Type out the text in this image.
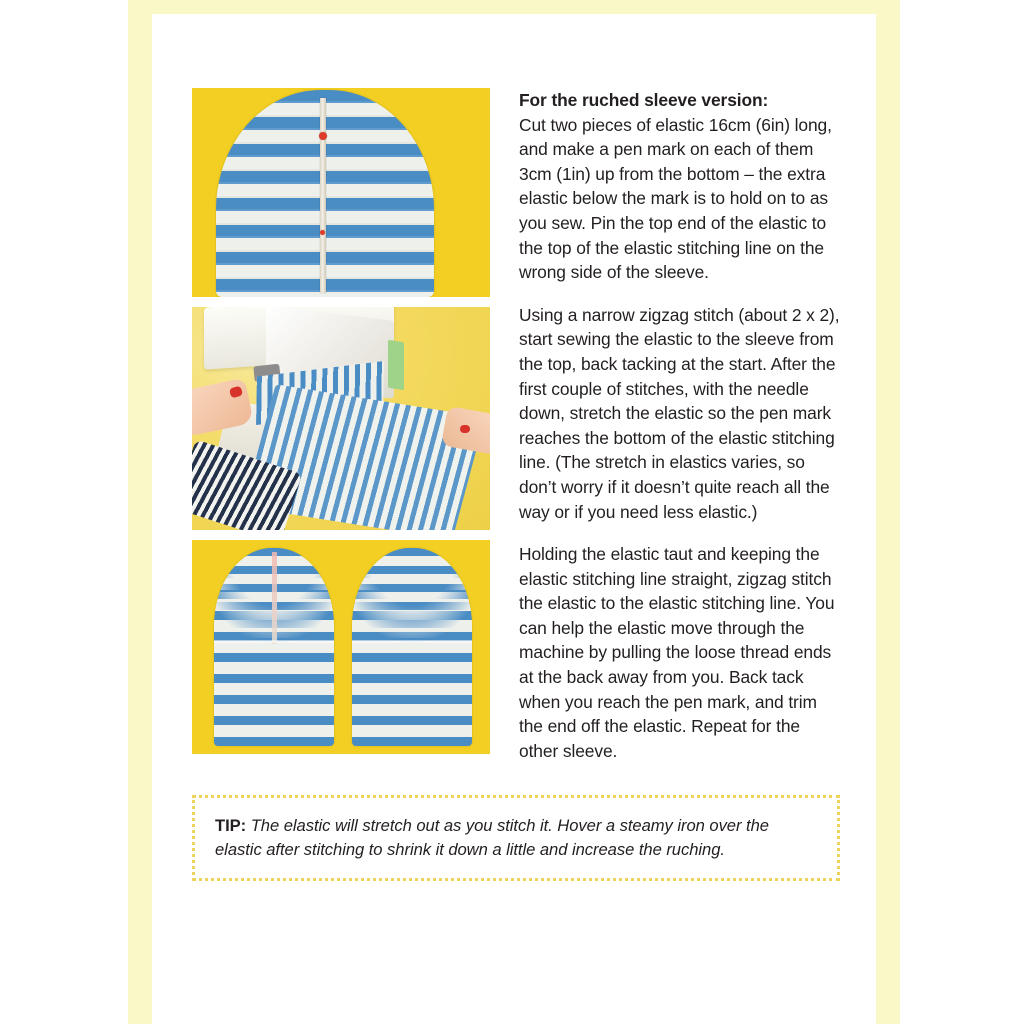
For the ruched sleeve version:
Cut two pieces of elastic 16cm (6in) long, and make a pen mark on each of them 3cm (1in) up from the bottom – the extra elastic below the mark is to hold on to as you sew. Pin the top end of the elastic to the top of the elastic stitching line on the wrong side of the sleeve.

Using a narrow zigzag stitch (about 2 x 2), start sewing the elastic to the sleeve from the top, back tacking at the start. After the first couple of stitches, with the needle down, stretch the elastic so the pen mark reaches the bottom of the elastic stitching line. (The stretch in elastics varies, so don’t worry if it doesn’t quite reach all the way or if you need less elastic.)

Holding the elastic taut and keeping the elastic stitching line straight, zigzag stitch the elastic to the elastic stitching line. You can help the elastic move through the machine by pulling the loose thread ends at the back away from you. Back tack when you reach the pen mark, and trim the end off the elastic. Repeat for the other sleeve.

TIP: The elastic will stretch out as you stitch it. Hover a steamy iron over the elastic after stitching to shrink it down a little and increase the ruching.
